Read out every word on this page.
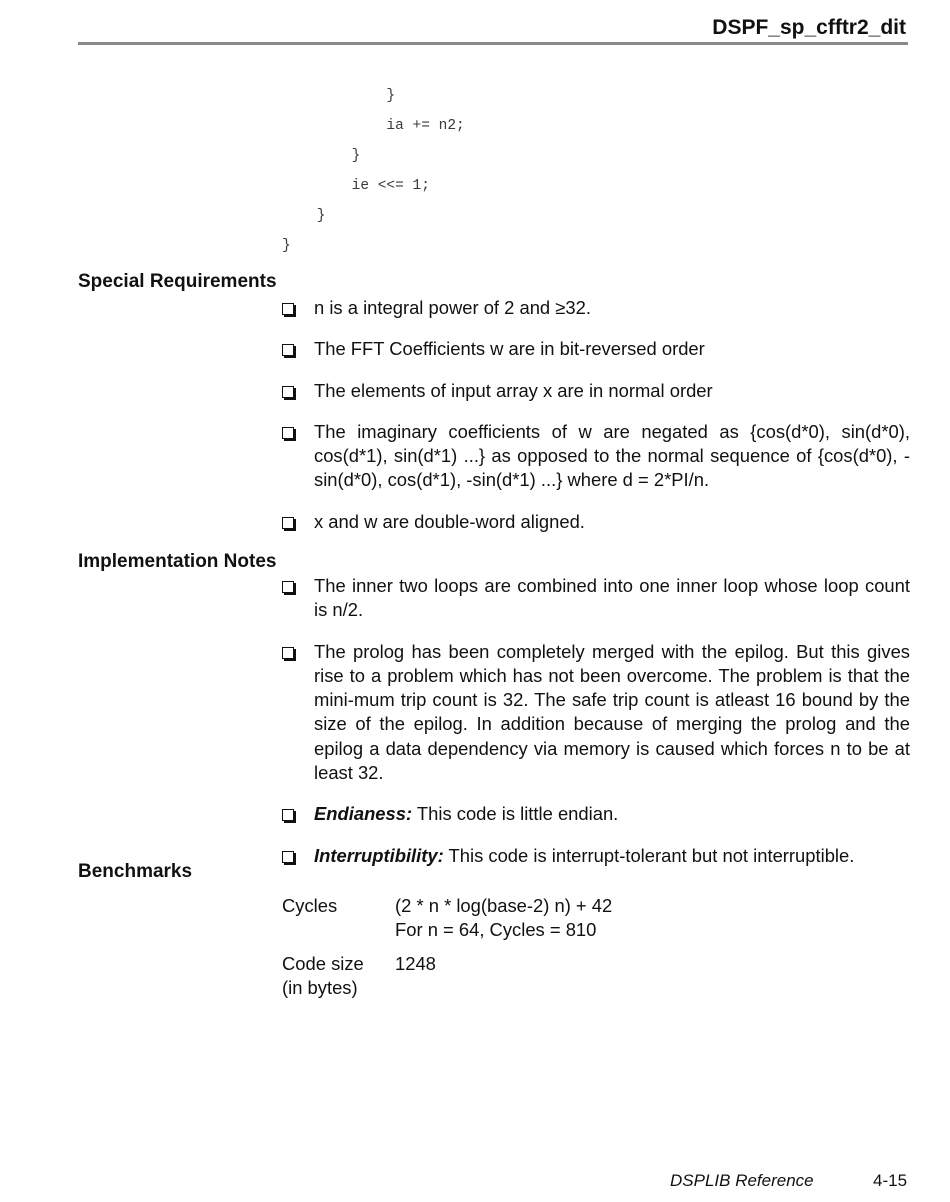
DSPF_sp_cfftr2_dit
}
ia += n2;
}
ie <<= 1;
}
}
Special Requirements
n is a integral power of 2 and ≥32.
The FFT Coefficients w are in bit-reversed order
The elements of input array x are in normal order
The imaginary coefficients of w are negated as {cos(d*0), sin(d*0), cos(d*1), sin(d*1) ...} as opposed to the normal sequence of {cos(d*0), -sin(d*0), cos(d*1), -sin(d*1) ...} where d = 2*PI/n.
x and w are double-word aligned.
Implementation Notes
The inner two loops are combined into one inner loop whose loop count is n/2.
The prolog has been completely merged with the epilog. But this gives rise to a problem which has not been overcome. The problem is that the mini-mum trip count is 32. The safe trip count is atleast 16 bound by the size of the epilog. In addition because of merging the prolog and the epilog a data dependency via memory is caused which forces n to be at least 32.
Endianess: This code is little endian.
Interruptibility: This code is interrupt-tolerant but not interruptible.
Benchmarks
Cycles	(2 * n * log(base-2) n) + 42
For n = 64, Cycles = 810
Code size
(in bytes)
1248
DSPLIB Reference	4-15
